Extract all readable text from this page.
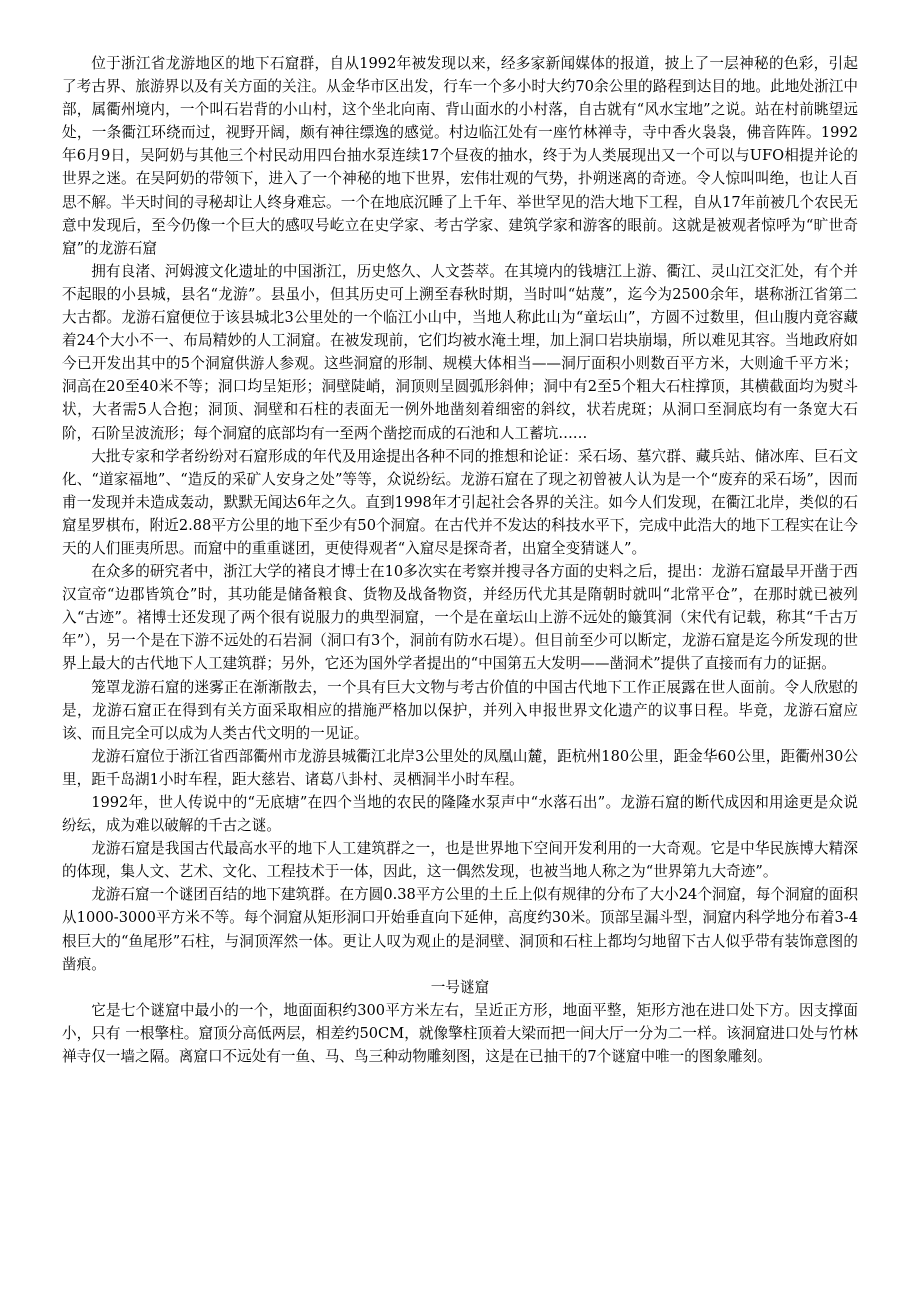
位于浙江省龙游地区的地下石窟群，自从1992年被发现以来，经多家新闻媒体的报道，披上了一层神秘的色彩，引起了考古界、旅游界以及有关方面的关注。从金华市区出发，行车一个多小时大约70余公里的路程到达目的地。此地处浙江中部，属衢州境内，一个叫石岩背的小山村，这个坐北向南、背山面水的小村落，自古就有“风水宝地”之说。站在村前眺望远处，一条衢江环绕而过，视野开阔，颇有神往缥逸的感觉。村边临江处有一座竹林禅寺，寺中香火袅袅，佛音阵阵。1992年6月9日，吴阿奶与其他三个村民动用四台抽水泵连续17个昼夜的抽水，终于为人类展现出又一个可以与UFO相提并论的世界之迷。在吴阿奶的带领下，进入了一个神秘的地下世界，宏伟壮观的气势，扑朔迷离的奇迹。令人惊叫叫绝，也让人百思不解。半天时间的寻秘却让人终身难忘。一个在地底沉睡了上千年、举世罕见的浩大地下工程，自从17年前被几个农民无意中发现后，至今仍像一个巨大的感叹号屹立在史学家、考古学家、建筑学家和游客的眼前。这就是被观者惊呼为“旷世奇窟”的龙游石窟

拥有良渚、河姆渡文化遗址的中国浙江，历史悠久、人文荟萃。在其境内的钱塘江上游、衢江、灵山江交汇处，有个并不起眼的小县城，县名“龙游”。县虽小，但其历史可上溯至春秋时期，当时叫“姑蔑”，迄今为2500余年，堪称浙江省第二大古都。龙游石窟便位于该县城北3公里处的一个临江小山中，当地人称此山为“童坛山”，方圆不过数里，但山腹内竟容藏着24个大小不一、布局精妙的人工洞窟。在被发现前，它们均被水淹土埋，加上洞口岩块崩塌，所以难见其容。当地政府如今已开发出其中的5个洞窟供游人参观。这些洞窟的形制、规模大体相当——洞厅面积小则数百平方米，大则逾千平方米；洞高在20至40米不等；洞口均呈矩形；洞壁陡峭，洞顶则呈圆弧形斜伸；洞中有2至5个粗大石柱撑顶，其横截面均为熨斗状，大者需5人合抱；洞顶、洞壁和石柱的表面无一例外地凿刻着细密的斜纹，状若虎斑；从洞口至洞底均有一条宽大石阶，石阶呈波流形；每个洞窟的底部均有一至两个凿挖而成的石池和人工蓄坑……

大批专家和学者纷纷对石窟形成的年代及用途提出各种不同的推想和论证：采石场、墓穴群、藏兵站、储冰库、巨石文化、“道家福地”、“造反的采矿人安身之处”等等，众说纷纭。龙游石窟在了现之初曾被人认为是一个“废弃的采石场”，因而甫一发现并未造成轰动，默默无闻达6年之久。直到1998年才引起社会各界的关注。如今人们发现，在衢江北岸，类似的石窟星罗棋布，附近2.88平方公里的地下至少有50个洞窟。在古代并不发达的科技水平下，完成中此浩大的地下工程实在让今天的人们匪夷所思。而窟中的重重谜团，更使得观者“入窟尽是探奇者，出窟全变猜谜人”。

在众多的研究者中，浙江大学的褚良才博士在10多次实在考察并搜寻各方面的史料之后，提出：龙游石窟最早开凿于西汉宣帝“边郡皆筑仓”时，其功能是储备粮食、货物及战备物资，并经历代尤其是隋朝时就叫“北常平仓”，在那时就已被列入“古迹”。褚博士还发现了两个很有说服力的典型洞窟，一个是在童坛山上游不远处的簸箕洞（宋代有记载，称其“千古万年”），另一个是在下游不远处的石岩洞（洞口有3个，洞前有防水石堤）。但目前至少可以断定，龙游石窟是迄今所发现的世界上最大的古代地下人工建筑群；另外，它还为国外学者提出的“中国第五大发明——凿洞术”提供了直接而有力的证据。

笼罩龙游石窟的迷雾正在渐渐散去，一个具有巨大文物与考古价值的中国古代地下工作正展露在世人面前。令人欣慰的是，龙游石窟正在得到有关方面采取相应的措施严格加以保护，并列入申报世界文化遗产的议事日程。毕竟，龙游石窟应该、而且完全可以成为人类古代文明的一见证。

龙游石窟位于浙江省西部衢州市龙游县城衢江北岸3公里处的凤凰山麓，距杭州180公里，距金华60公里，距衢州30公里，距千岛湖1小时车程，距大慈岩、诸葛八卦村、灵栖洞半小时车程。

1992年，世人传说中的“无底塘”在四个当地的农民的隆隆水泵声中“水落石出”。龙游石窟的断代成因和用途更是众说纷纭，成为难以破解的千古之谜。

龙游石窟是我国古代最高水平的地下人工建筑群之一，也是世界地下空间开发利用的一大奇观。它是中华民族博大精深的体现，集人文、艺术、文化、工程技术于一体，因此，这一偶然发现，也被当地人称之为“世界第九大奇迹”。

龙游石窟一个谜团百结的地下建筑群。在方圆0.38平方公里的土丘上似有规律的分布了大小24个洞窟，每个洞窟的面积从1000-3000平方米不等。每个洞窟从矩形洞口开始垂直向下延伸，高度约30米。顶部呈漏斗型，洞窟内科学地分布着3-4根巨大的“鱼尾形”石柱，与洞顶浑然一体。更让人叹为观止的是洞壁、洞顶和石柱上都均匀地留下古人似乎带有装饰意图的凿痕。

一号谜窟

它是七个谜窟中最小的一个，地面面积约300平方米左右，呈近正方形，地面平整，矩形方池在进口处下方。因支撑面小，只有 一根擎柱。窟顶分高低两层，相差约50CM，就像擎柱顶着大梁而把一间大厅一分为二一样。该洞窟进口处与竹林禅寺仅一墙之隔。离窟口不远处有一鱼、马、鸟三种动物雕刻图，这是在已抽干的7个谜窟中唯一的图象雕刻。
